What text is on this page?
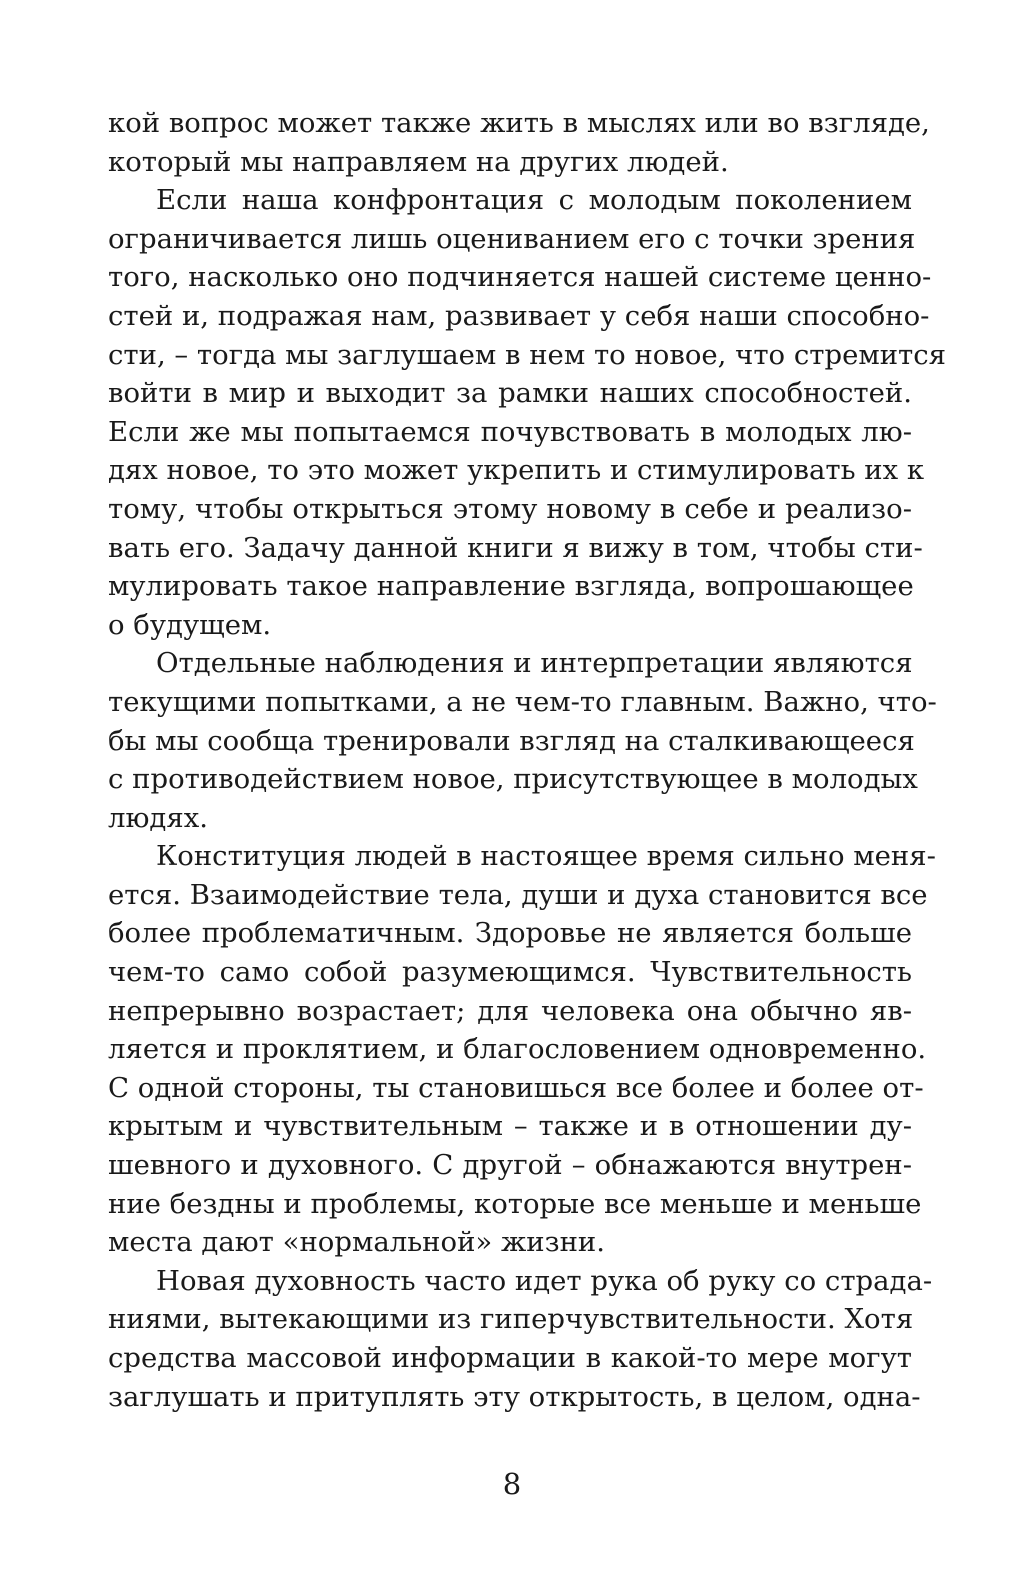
кой вопрос может также жить в мыслях или во взгляде,
который мы направляем на других людей.
Если наша конфронтация с молодым поколением
ограничивается лишь оцениванием его с точки зрения
того, насколько оно подчиняется нашей системе ценно-
стей и, подражая нам, развивает у себя наши способно-
сти, – тогда мы заглушаем в нем то новое, что стремится
войти в мир и выходит за рамки наших способностей.
Если же мы попытаемся почувствовать в молодых лю-
дях новое, то это может укрепить и стимулировать их к
тому, чтобы открыться этому новому в себе и реализо-
вать его. Задачу данной книги я вижу в том, чтобы сти-
мулировать такое направление взгляда, вопрошающее
о будущем.
Отдельные наблюдения и интерпретации являются
текущими попытками, а не чем-то главным. Важно, что-
бы мы сообща тренировали взгляд на сталкивающееся
с противодействием новое, присутствующее в молодых
людях.
Конституция людей в настоящее время сильно меня-
ется. Взаимодействие тела, души и духа становится все
более проблематичным. Здоровье не является больше
чем-то само собой разумеющимся. Чувствительность
непрерывно возрастает; для человека она обычно яв-
ляется и проклятием, и благословением одновременно.
С одной стороны, ты становишься все более и более от-
крытым и чувствительным – также и в отношении ду-
шевного и духовного. С другой – обнажаются внутрен-
ние бездны и проблемы, которые все меньше и меньше
места дают «нормальной» жизни.
Новая духовность часто идет рука об руку со страда-
ниями, вытекающими из гиперчувствительности. Хотя
средства массовой информации в какой-то мере могут
заглушать и притуплять эту открытость, в целом, одна-
8
